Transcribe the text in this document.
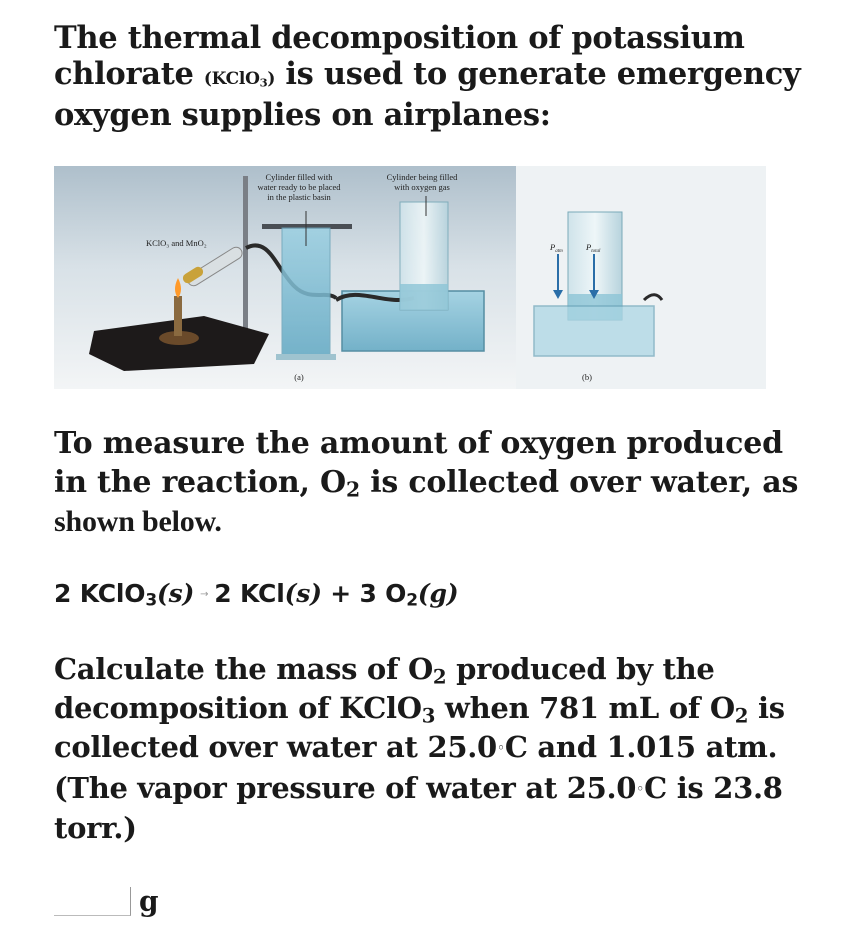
The thermal decomposition of potassium chlorate (KClO$_3$) is used to generate emergency oxygen supplies on airplanes:
KClO₃ and MnO₂
Cylinder filled with
water ready to be placed
in the plastic basin
Cylinder being filled
with oxygen gas
$P_{atm}$	$P_{total}$
(a)	(b)
To measure the amount of oxygen produced in the reaction, $O_2$ is collected over water, as shown below.
2 KClO$_3$(s) → 2 KCl(s) + 3 $O_2(g)$
Calculate the mass of $O_2$ produced by the decomposition of KClO$_3$ when 781 mL of $O_2$ is collected over water at 25.0◦C and 1.015 atm. (The vapor pressure of water at 25.0◦C is 23.8 torr.)
g
